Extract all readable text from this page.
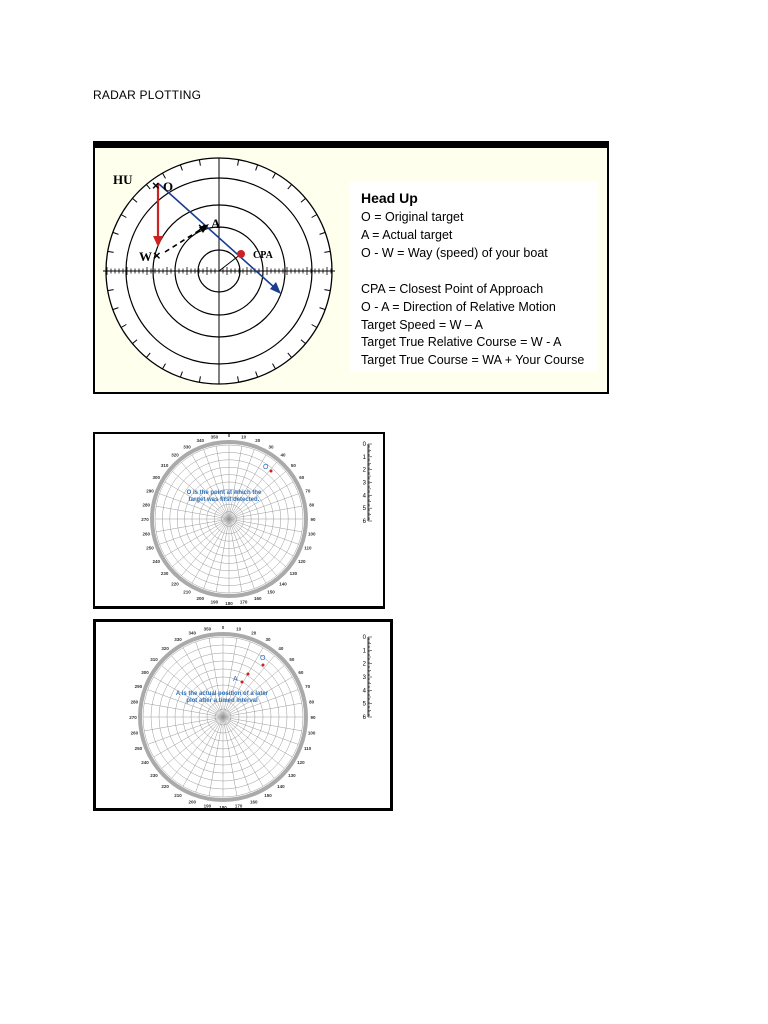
RADAR PLOTTING
×
×
×
HU O
A
W	CPA
Head Up
O = Original target
A = Actual target
O - W = Way (speed) of your boat
CPA = Closest Point of Approach
O - A = Direction of Relative Motion
Target Speed = W – A
Target True Relative Course = W - A
Target True Course = WA + Your Course
0 10
20
30
40
50
60
70
80
90
100
110
120
130
140
150
160
170
180
190
200
210
220
230
240
250
260
270
280
290
300
310
320
330
340
350
0
1
2
3
4
5
6
O is the point at which the
target was first detected.
O
0	10
20
30
40
50
60
70
80
90
100
110
120
130
140
150
160
170
180
190
200
210
220
230
240
250
260
270
280
290
300
310
320
330
340
350
0
1
2
3
4
5
6
A is the actual position of a later
plot after a timed interval
O
A
